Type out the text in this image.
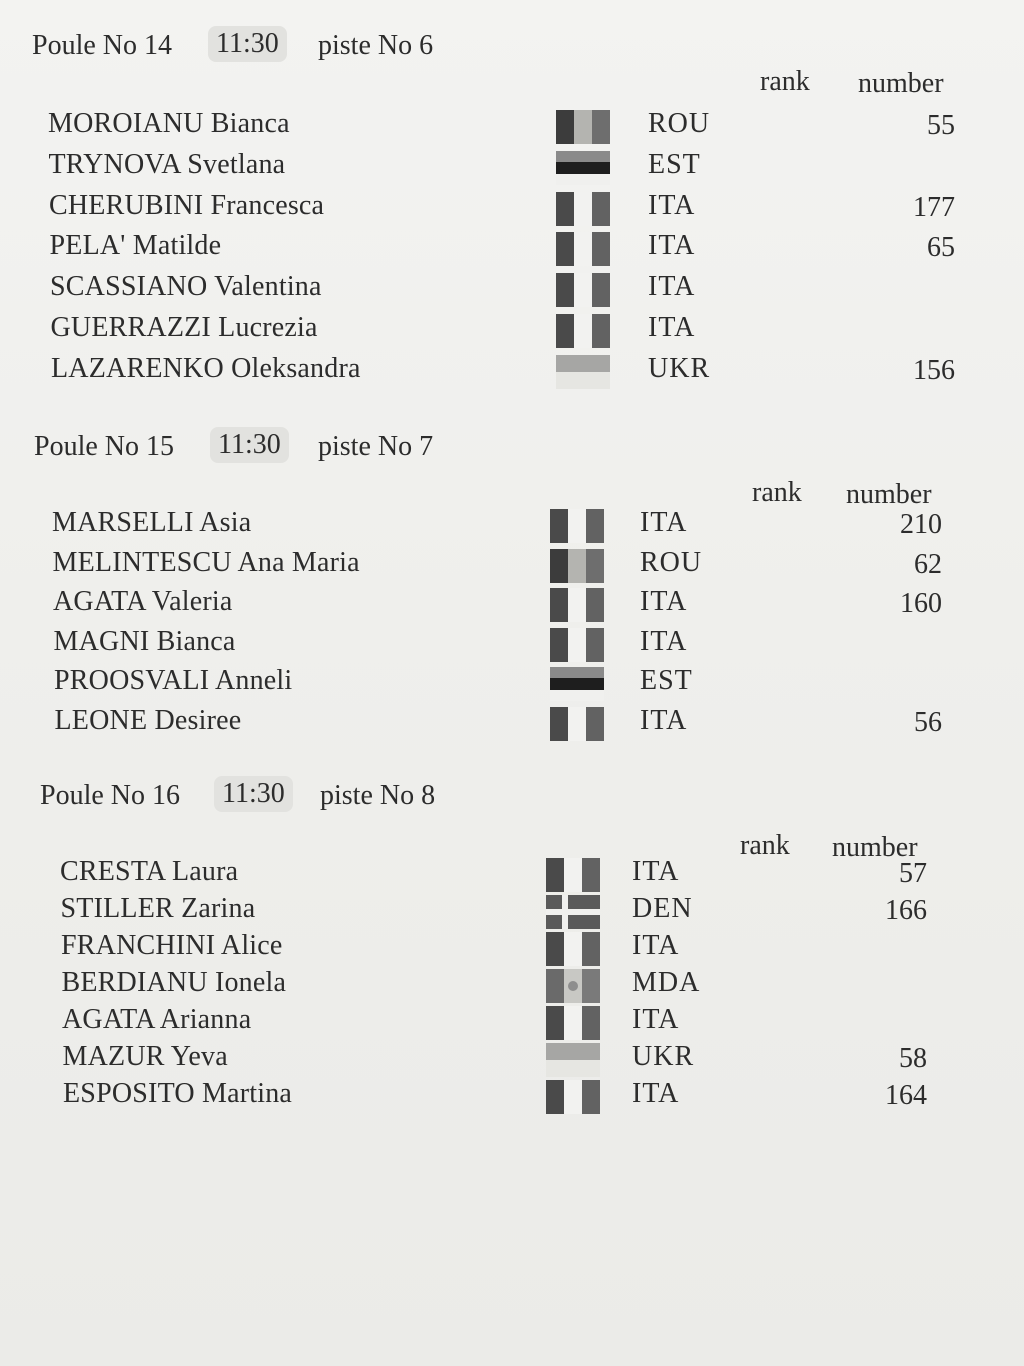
Poule No 14 11:30 piste No 6
rank number
MOROIANU Bianca	ROU	55
TRYNOVA Svetlana	EST
CHERUBINI Francesca	ITA	177
PELA' Matilde	ITA	65
SCASSIANO Valentina	ITA
GUERRAZZI Lucrezia	ITA
LAZARENKO Oleksandra	UKR	156
Poule No 15 11:30 piste No 7
rank number
MARSELLI Asia	ITA	210
MELINTESCU Ana Maria	ROU	62
AGATA Valeria	ITA	160
MAGNI Bianca	ITA
PROOSVALI Anneli	EST
LEONE Desiree	ITA	56
Poule No 16 11:30 piste No 8
rank number
CRESTA Laura	ITA	57
STILLER Zarina	DEN	166
FRANCHINI Alice	ITA
BERDIANU Ionela	MDA
AGATA Arianna	ITA
MAZUR Yeva	UKR	58
ESPOSITO Martina	ITA	164
